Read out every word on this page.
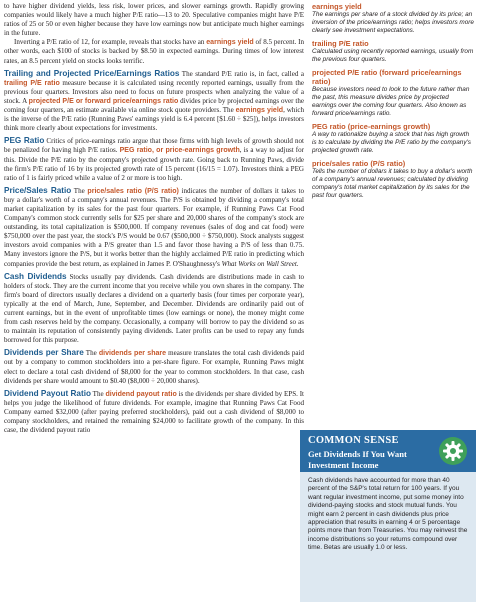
to have higher dividend yields, less risk, lower prices, and slower earnings growth. Rapidly growing companies would likely have a much higher P/E ratio—13 to 20. Speculative companies might have P/E ratios of 25 or 50 or even higher because they have low earnings now but anticipate much higher earnings in the future.

Inverting a P/E ratio of 12, for example, reveals that stocks have an earnings yield of 8.5 percent. In other words, each $100 of stocks is backed by $8.50 in expected earnings. During times of low interest rates, an 8.5 percent yield on stocks looks terrific.

Trailing and Projected Price/Earnings Ratios The standard P/E ratio is, in fact, called a trailing P/E ratio measure because it is calculated using recently reported earnings, usually from the previous four quarters. Investors also need to focus on future prospects when analyzing the value of a stock. A projected P/E or forward price/earnings ratio divides price by projected earnings over the coming four quarters, an estimate available via online stock quote providers. The earnings yield, which is the inverse of the P/E ratio (Running Paws' earnings yield is 6.4 percent [$1.60 ÷ $25]), helps investors think more clearly about expectations for investments.

PEG Ratio Critics of price-earnings ratio argue that those firms with high levels of growth should not be penalized for having high P/E ratios. PEG ratio, or price-earnings growth, is a way to adjust for this. Divide the P/E ratio by the company's projected growth rate. Going back to Running Paws, divide the firm's P/E ratio of 16 by its projected growth rate of 15 percent (16/15 = 1.07). Investors think a PEG ratio of 1 is fairly priced while a value of 2 or more is too high.

Price/Sales Ratio The price/sales ratio (P/S ratio) indicates the number of dollars it takes to buy a dollar's worth of a company's annual revenues. The P/S is obtained by dividing a company's total market capitalization by its sales for the past four quarters. For example, if Running Paws Cat Food Company's common stock currently sells for $25 per share and 20,000 shares of the company's stock are outstanding, its total capitalization is $500,000. If company revenues (sales of dog and cat food) were $750,000 over the past year, the stock's P/S would be 0.67 ($500,000 ÷ $750,000). Stock analysts suggest investors avoid companies with a P/S greater than 1.5 and favor those having a P/S of less than 0.75. Many investors ignore the P/S, but it works better than the highly acclaimed P/E ratio in predicting which companies provide the best return, as explained in James P. O'Shaughnessy's What Works on Wall Street.

Cash Dividends Stocks usually pay dividends. Cash dividends are distributions made in cash to holders of stock. They are the current income that you receive while you own shares in the company. The firm's board of directors usually declares a dividend on a quarterly basis (four times per corporate year), typically at the end of March, June, September, and December. Dividends are ordinarily paid out of current earnings, but in the event of unprofitable times (low earnings or none), the money might come from cash reserves held by the company. Occasionally, a company will borrow to pay the dividend so as to maintain its reputation of consistently paying dividends. Later profits can be used to repay any funds borrowed for this purpose.

Dividends per Share The dividends per share measure translates the total cash dividends paid out by a company to common stockholders into a per-share figure. For example, Running Paws might elect to declare a total cash dividend of $8,000 for the year to common stockholders. In that case, cash dividends per share would amount to $0.40 ($8,000 ÷ 20,000 shares).

Dividend Payout Ratio The dividend payout ratio is the dividends per share divided by EPS. It helps you judge the likelihood of future dividends. For example, imagine that Running Paws Cat Food Company earned $32,000 (after paying preferred stockholders), paid out a cash dividend of $8,000 to company stockholders, and retained the remaining $24,000 to facilitate growth of the company. In this case, the dividend payout ratio

earnings yield
The earnings per share of a stock divided by its price; an inversion of the price/earnings ratio; helps investors more clearly see investment expectations.
trailing P/E ratio
Calculated using recently reported earnings, usually from the previous four quarters.
projected P/E ratio (forward price/earnings ratio)
Because investors need to look to the future rather than the past, this measure divides price by projected earnings over the coming four quarters. Also known as forward price/earnings ratio.
PEG ratio (price-earnings growth)
A way to rationalize buying a stock that has high growth is to calculate by dividing the P/E ratio by the company's projected growth rate.
price/sales ratio (P/S ratio)
Tells the number of dollars it takes to buy a dollar's worth of a company's annual revenues; calculated by dividing company's total market capitalization by its sales for the past four quarters.
COMMON SENSE
Get Dividends If You Want Investment Income
Cash dividends have accounted for more than 40 percent of the S&P's total return for 100 years. If you want regular investment income, put some money into dividend-paying stocks and stock mutual funds. You might earn 2 percent in cash dividends plus price appreciation that results in earning 4 or 5 percentage points more than from Treasuries. You may reinvest the income distributions so your returns compound over time. Betas are usually 1.0 or less.
